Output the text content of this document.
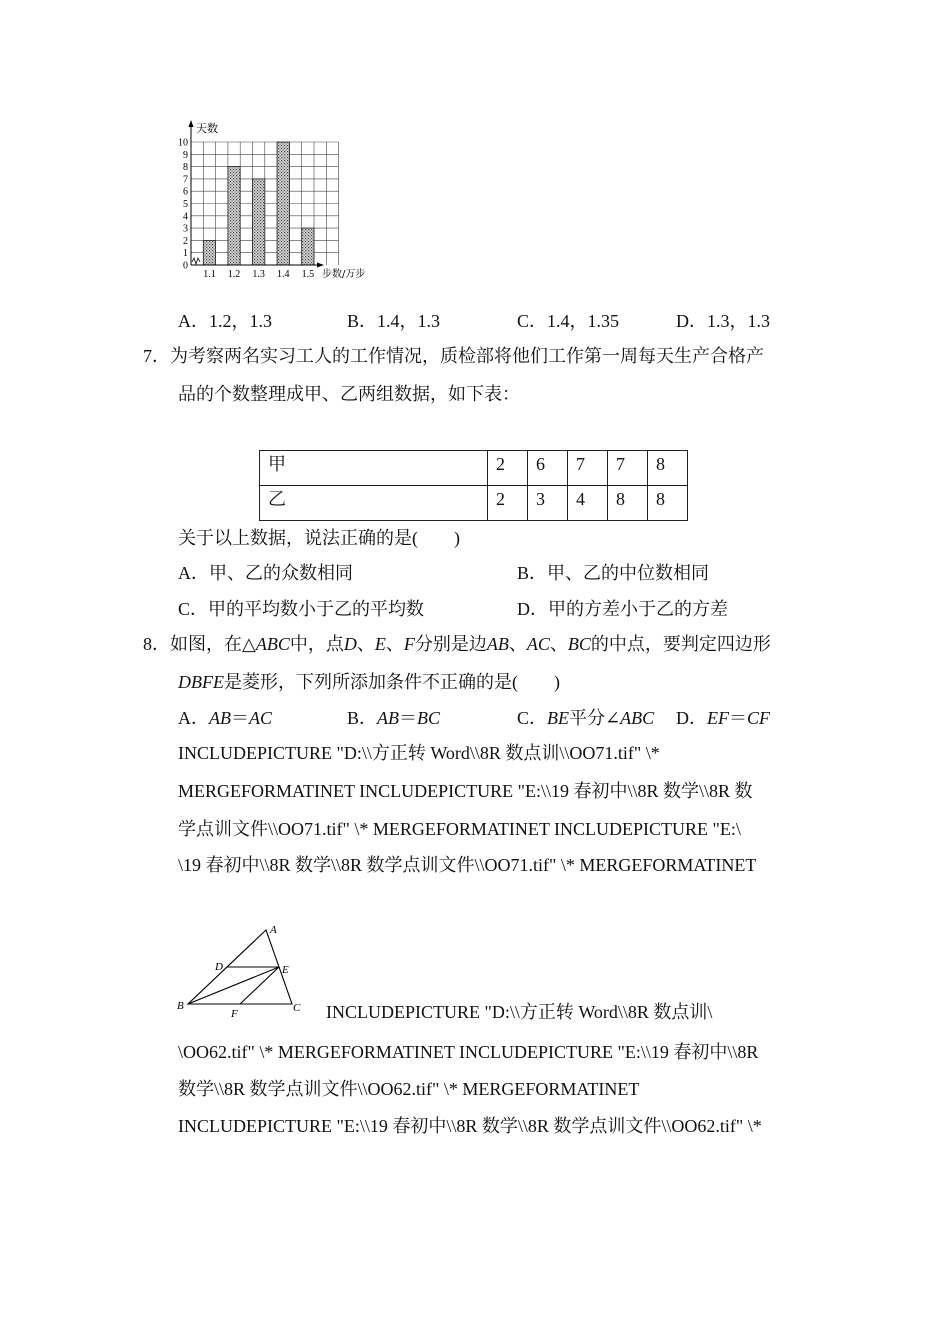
0
1
2
3
4
5
6
7
8
9
10
1.1 1.2 1.3 1.4 1.5
天数
步数/万步
A．1.2，1.3	B．1.4，1.3	C．1.4，1.35	D．1.3，1.3
7．为考察两名实习工人的工作情况，质检部将他们工作第一周每天生产合格产
品的个数整理成甲、乙两组数据，如下表：
甲	2	6	7	7	8
乙	2	3	4	8	8
关于以上数据，说法正确的是(　　)
A．甲、乙的众数相同	B．甲、乙的中位数相同
C．甲的平均数小于乙的平均数	D．甲的方差小于乙的方差
8．如图，在△ABC中，点D、E、F分别是边AB、AC、BC的中点，要判定四边形
DBFE是菱形，下列所添加条件不正确的是(　　)
A．AB＝AC	B．AB＝BC	C．BE平分∠ABC D．EF＝CF
INCLUDEPICTURE "D:\\方正转 Word\\8R 数点训\\OO71.tif" \*
MERGEFORMATINET INCLUDEPICTURE "E:\\19 春初中\\8R 数学\\8R 数
学点训文件\\OO71.tif" \* MERGEFORMATINET INCLUDEPICTURE "E:\
\19 春初中\\8R 数学\\8R 数学点训文件\\OO71.tif" \* MERGEFORMATINET
A
D	E
B
F	C INCLUDEPICTURE "D:\\方正转 Word\\8R 数点训\
\OO62.tif" \* MERGEFORMATINET INCLUDEPICTURE "E:\\19 春初中\\8R
数学\\8R 数学点训文件\\OO62.tif" \* MERGEFORMATINET
INCLUDEPICTURE "E:\\19 春初中\\8R 数学\\8R 数学点训文件\\OO62.tif" \*
